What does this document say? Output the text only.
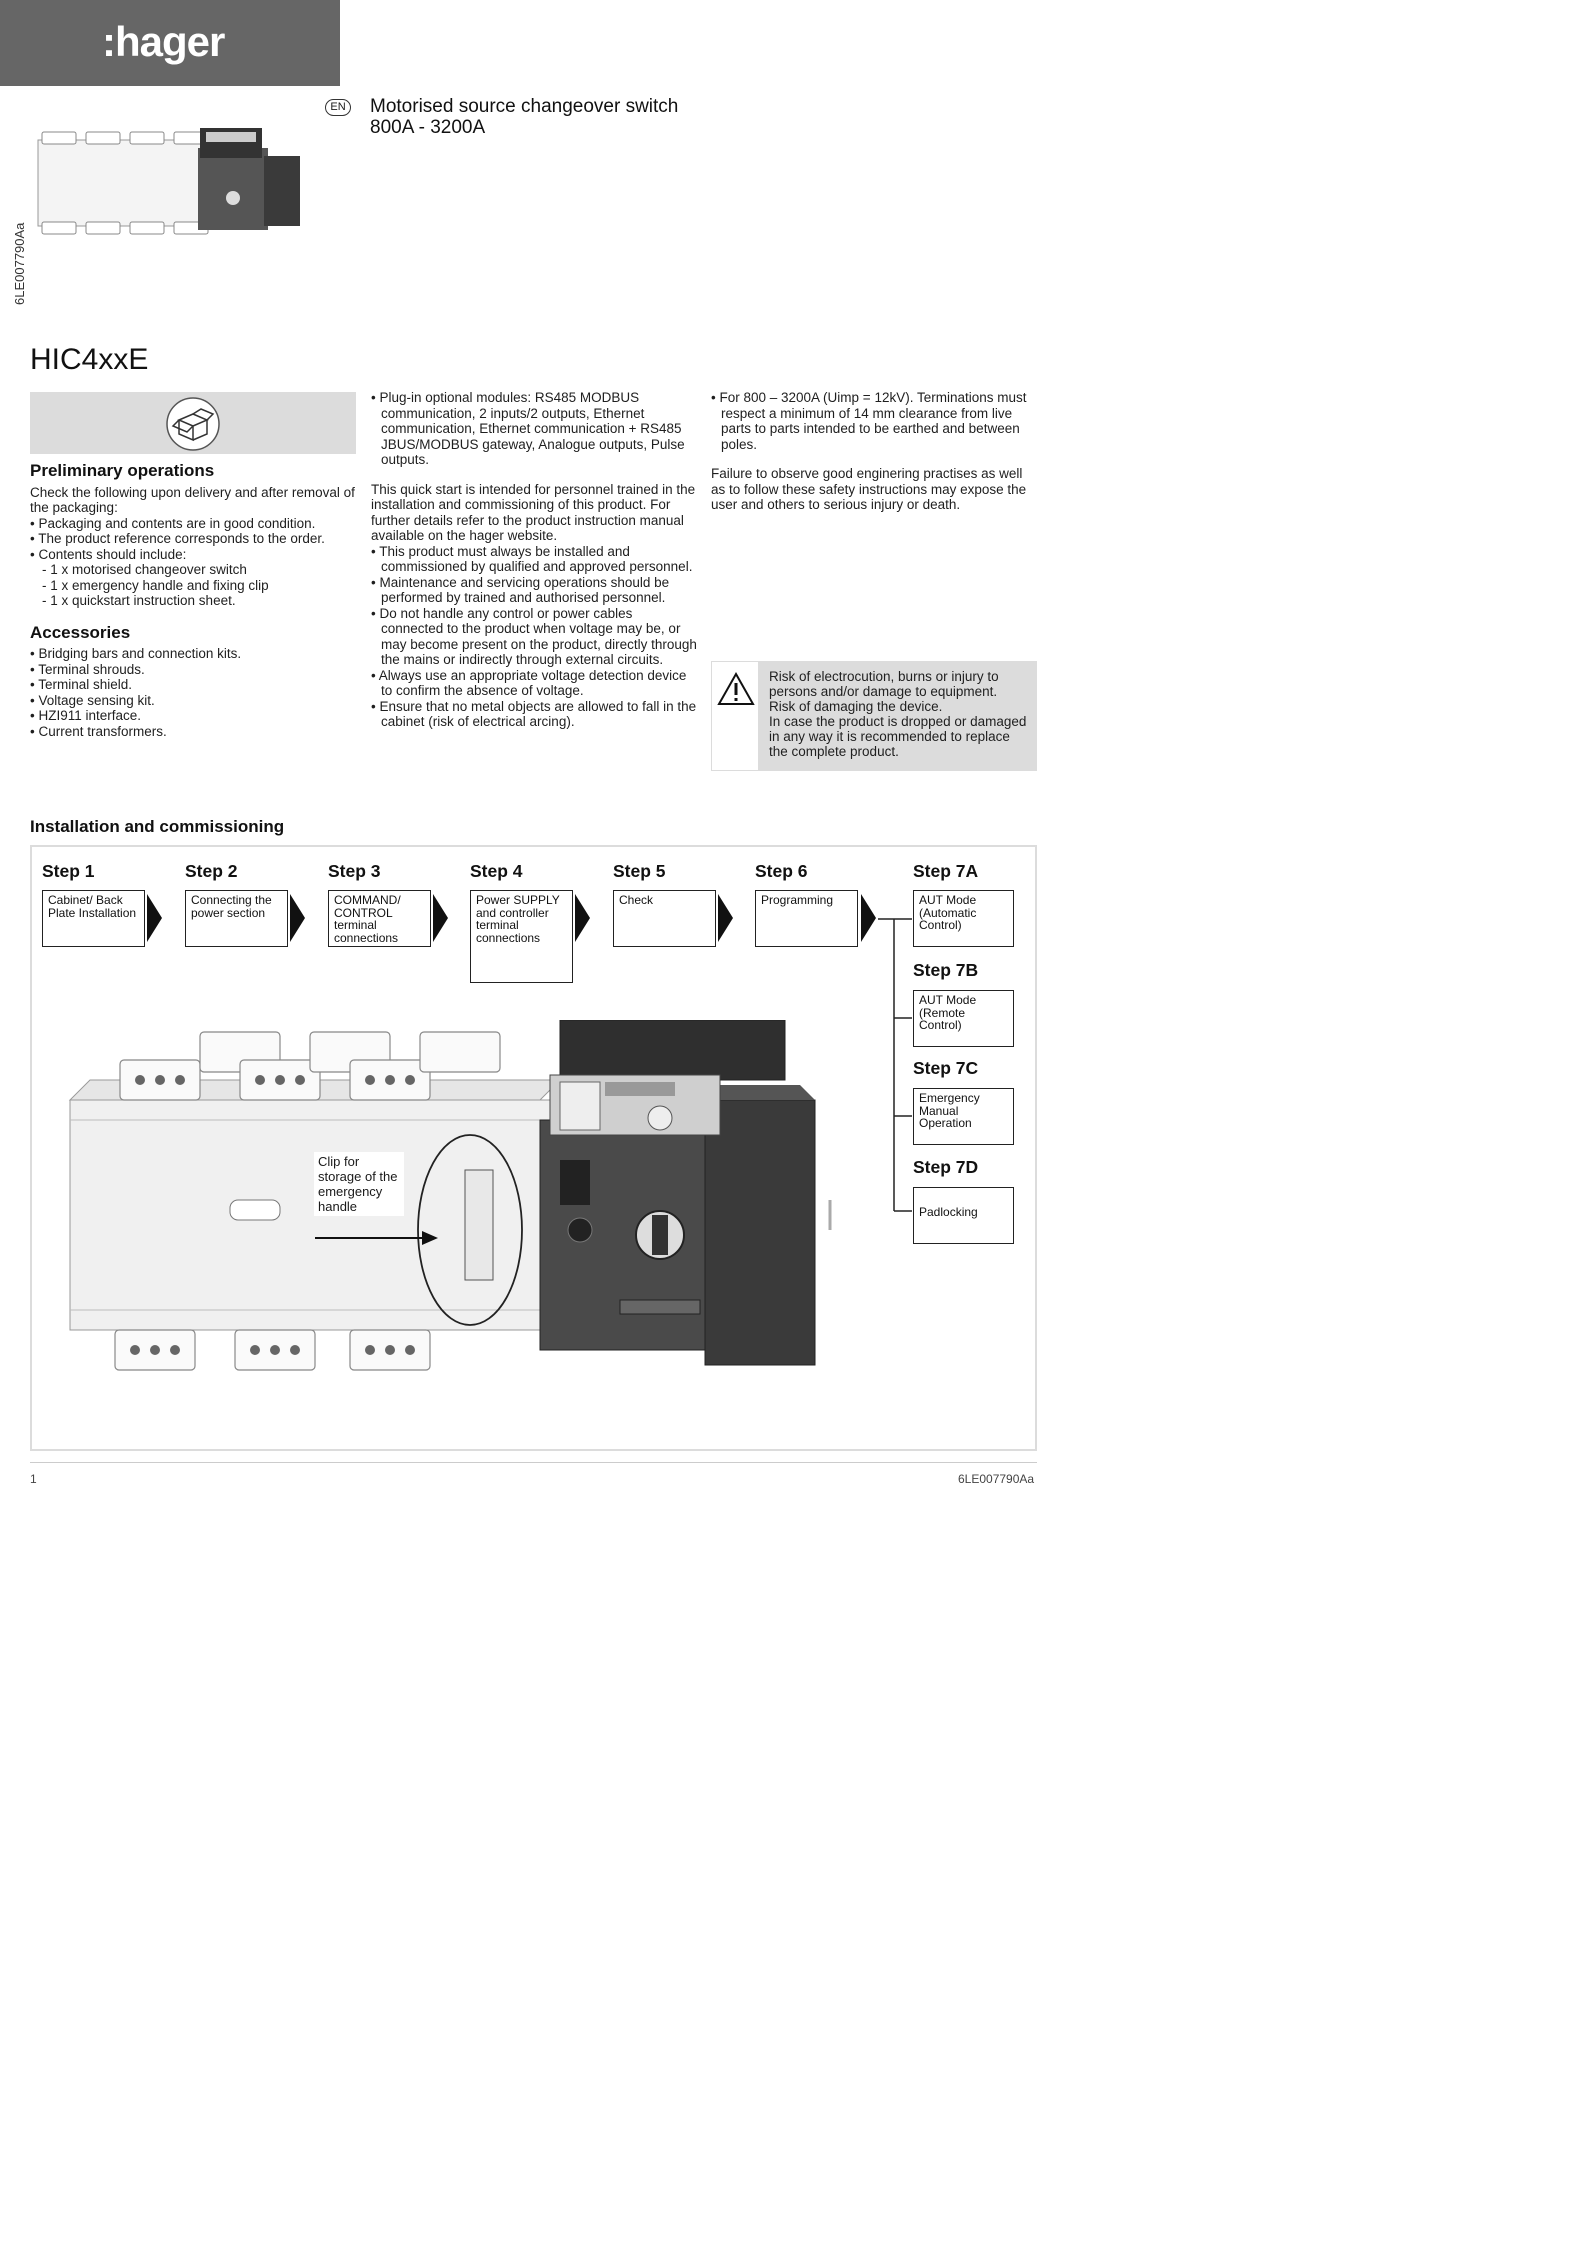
:hager
6LE007790Aa
EN Motorised source changeover switch
800A - 3200A
HIC4xxE
Preliminary operations

Check the following upon delivery and after removal of the packaging:

• Packaging and contents are in good condition.
• The product reference corresponds to the order.
• Contents should include:
- 1 x motorised changeover switch
- 1 x emergency handle and fixing clip
- 1 x quickstart instruction sheet.
Accessories
• Bridging bars and connection kits.
• Terminal shrouds.
• Terminal shield.
• Voltage sensing kit.
• HZI911 interface.
• Current transformers.
• Plug-in optional modules: RS485 MODBUS communication, 2 inputs/2 outputs, Ethernet communication, Ethernet communication + RS485 JBUS/MODBUS gateway, Analogue outputs, Pulse outputs.

This quick start is intended for personnel trained in the installation and commissioning of this product. For further details refer to the product instruction manual available on the hager website.

• This product must always be installed and commissioned by qualified and approved personnel.
• Maintenance and servicing operations should be performed by trained and authorised personnel.
• Do not handle any control or power cables connected to the product when voltage may be, or may become present on the product, directly through the mains or indirectly through external circuits.
• Always use an appropriate voltage detection device to confirm the absence of voltage.
• Ensure that no metal objects are allowed to fall in the cabinet (risk of electrical arcing).
• For 800 – 3200A (Uimp = 12kV). Terminations must respect a minimum of 14 mm clearance from live parts to parts intended to be earthed and between poles.

Failure to observe good enginering practises as well as to follow these safety instructions may expose the user and others to serious injury or death.

Risk of electrocution, burns or injury to persons and/or damage to equipment.
Risk of damaging the device.
In case the product is dropped or damaged in any way it is recommended to replace the complete product.
Installation and commissioning
Step 1
Cabinet/ Back Plate Installation
Step 2
Connecting the power section
Step 3
COMMAND/ CONTROL terminal connections
Step 4
Power SUPPLY and controller terminal connections
Step 5
Check
Step 6
Programming
Step 7A
AUT Mode (Automatic Control)
Step 7B
AUT Mode (Remote Control)
Step 7C
Emergency Manual Operation
Step 7D
Padlocking
Clip for storage of the emergency handle
1	6LE007790Aa
